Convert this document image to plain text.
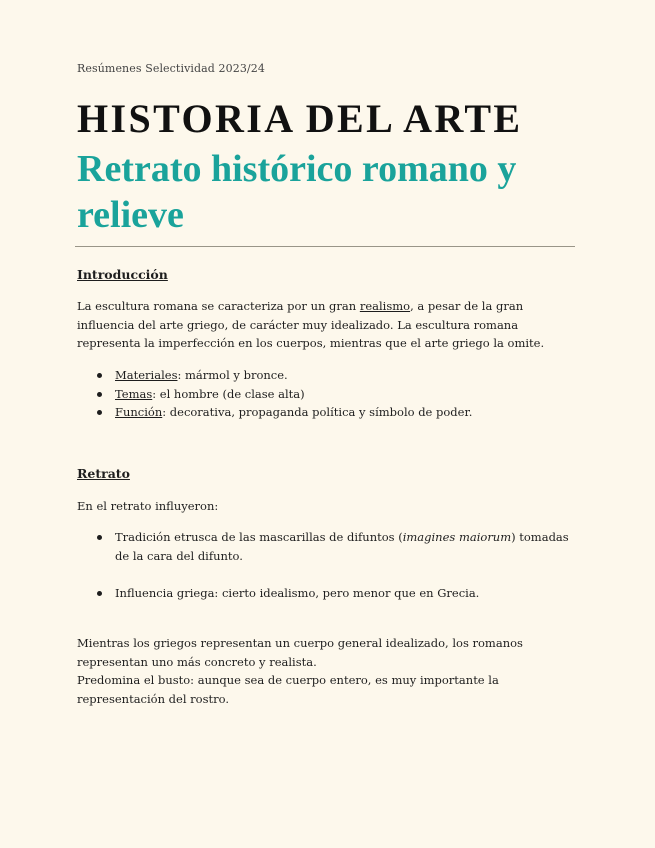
Resúmenes Selectividad 2023/24
HISTORIA DEL ARTE
Retrato histórico romano y relieve
Introducción
La escultura romana se caracteriza por un gran realismo, a pesar de la gran influencia del arte griego, de carácter muy idealizado. La escultura romana representa la imperfección en los cuerpos, mientras que el arte griego la omite.
Materiales: mármol y bronce.
Temas: el hombre (de clase alta)
Función: decorativa, propaganda política y símbolo de poder.
Retrato
En el retrato influyeron:
Tradición etrusca de las mascarillas de difuntos (imagines maiorum) tomadas de la cara del difunto.
Influencia griega: cierto idealismo, pero menor que en Grecia.
Mientras los griegos representan un cuerpo general idealizado, los romanos representan uno más concreto y realista.
Predomina el busto: aunque sea de cuerpo entero, es muy importante la representación del rostro.
